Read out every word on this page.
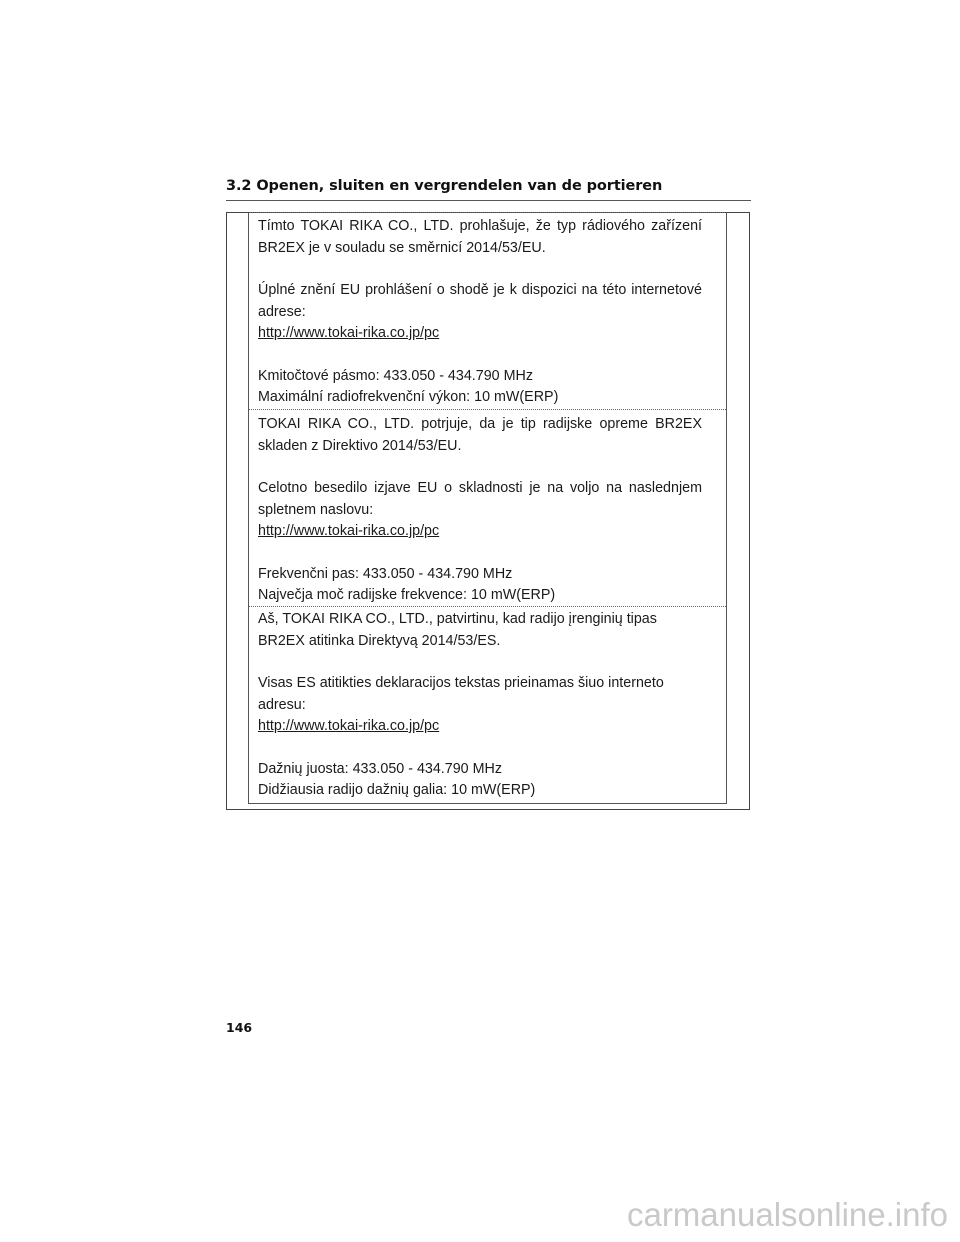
3.2 Openen, sluiten en vergrendelen van de portieren

Tímto TOKAI RIKA CO., LTD. prohlašuje, že typ rádiového zařízení

BR2EX je v souladu se směrnicí 2014/53/EU.

Úplné znění EU prohlášení o shodě je k dispozici na této internetové

adrese:

http://www.tokai-rika.co.jp/pc

Kmitočtové pásmo: 433.050 - 434.790 MHz

Maximální radiofrekvenční výkon: 10 mW(ERP)

TOKAI RIKA CO., LTD. potrjuje, da je tip radijske opreme BR2EX

skladen z Direktivo 2014/53/EU.

Celotno besedilo izjave EU o skladnosti je na voljo na naslednjem

spletnem naslovu:

http://www.tokai-rika.co.jp/pc

Frekvenčni pas: 433.050 - 434.790 MHz

Največja moč radijske frekvence: 10 mW(ERP)

Aš, TOKAI RIKA CO., LTD., patvirtinu, kad radijo įrenginių tipas

BR2EX atitinka Direktyvą 2014/53/ES.

Visas ES atitikties deklaracijos tekstas prieinamas šiuo interneto

adresu:

http://www.tokai-rika.co.jp/pc

Dažnių juosta: 433.050 - 434.790 MHz

Didžiausia radijo dažnių galia: 10 mW(ERP)

146
carmanualsonline.info
